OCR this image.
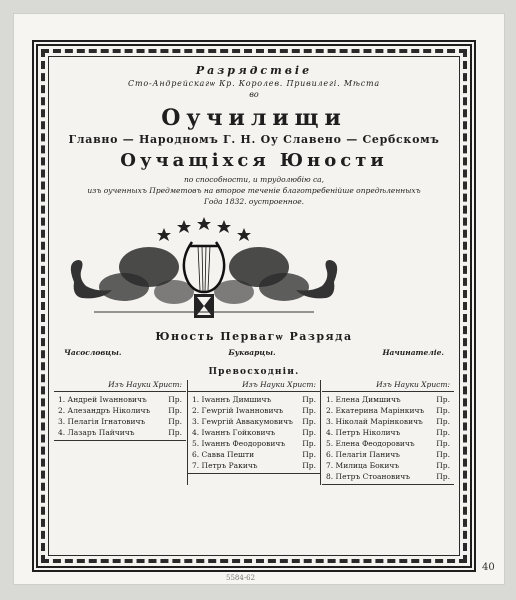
Разрядствiе
Сто-Андрейскагѡ Кр. Королев. Привилегi. Мѣста
во
Оучилищи
Главно — Народномъ Г. Н. Оу Славено — Сербскомъ
Оучащiхся Юности
по способности, и трудолюбiю са,
изъ оученныхъ Предметовъ на второе теченiе благотребенiйше опредѣленныхъ
Года 1832. оустроенное.
Юность Первагѡ Разряда
Часословцы.	Букварцы.	Начинателiе.
Превосходнiи.
Изъ Науки Христ:
1. Андрей Iwанновичъ	Пр.
2. Алезандръ Ніколичъ Пр.
3. Пелагiя Iгнатовичъ	Пр.
4. Лазаръ Пайчичъ	Пр.
Изъ Науки Христ:
1. Iwаннъ Димшичъ	Пр.
2. Геwргiй Iwанновичъ	Пр.
3. Геwргiй Аввакумовичъ Пр.
4. Iwаннъ Гойковичъ	Пр.
5. Iwаннъ Феодоровичъ Пр.
6. Савва Пешти	Пр.
7. Петръ Ракичъ	Пр.
Изъ Науки Христ:
1. Елена Димшичъ	Пр.
2. Екатерина Марiнкичъ Пр.
3. Ніколай Марiнковичъ Пр.
4. Петръ Ніколичъ	Пр.
5. Елена Феодоровичъ	Пр.
6. Пелагiя Паничъ	Пр.
7. Милица Бокичъ	Пр.
8. Петръ Стоановичъ	Пр.
5584-62
40
